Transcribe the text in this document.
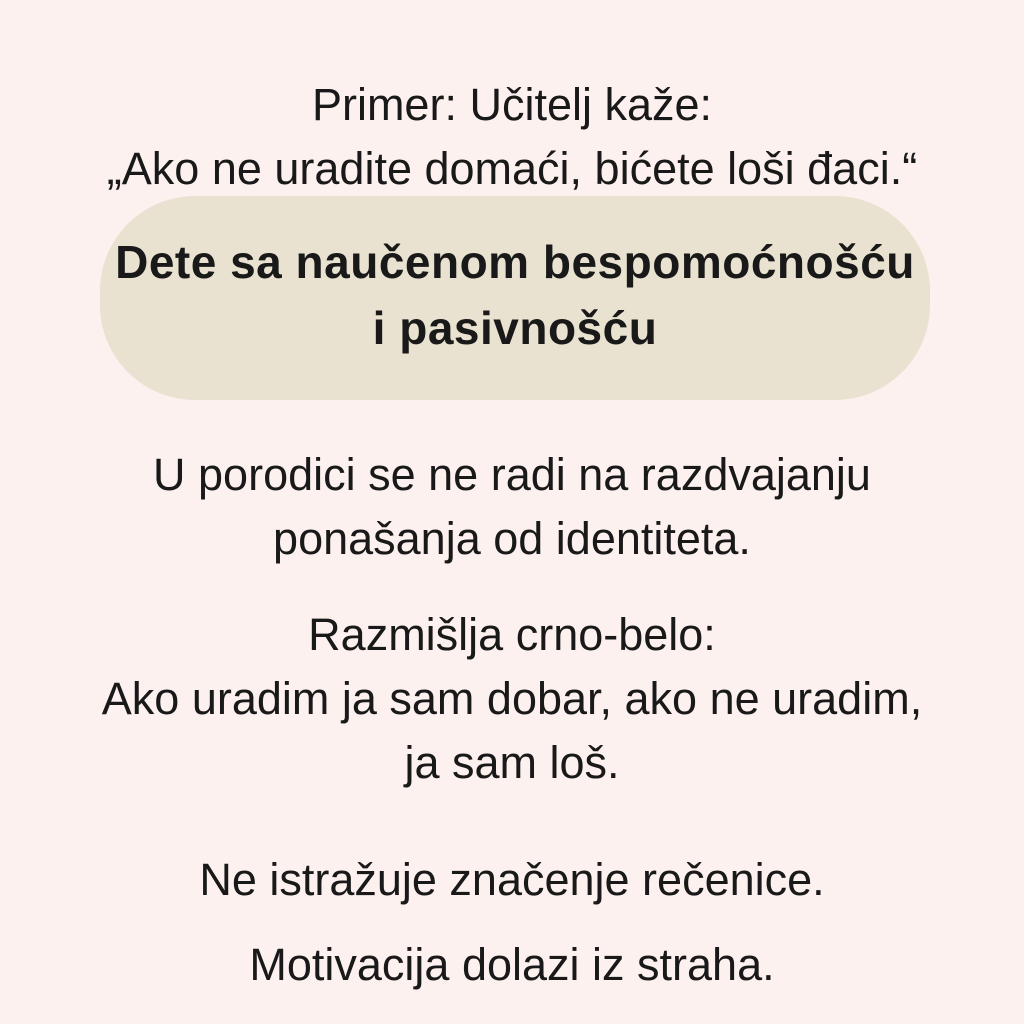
Primer: Učitelj kaže:
„Ako ne uradite domaći, bićete loši đaci.“
Dete sa naučenom bespomoćnošću
i pasivnošću
U porodici se ne radi na razdvajanju
ponašanja od identiteta.
Razmišlja crno-belo:
Ako uradim ja sam dobar, ako ne uradim,
ja sam loš.
Ne istražuje značenje rečenice.
Motivacija dolazi iz straha.
